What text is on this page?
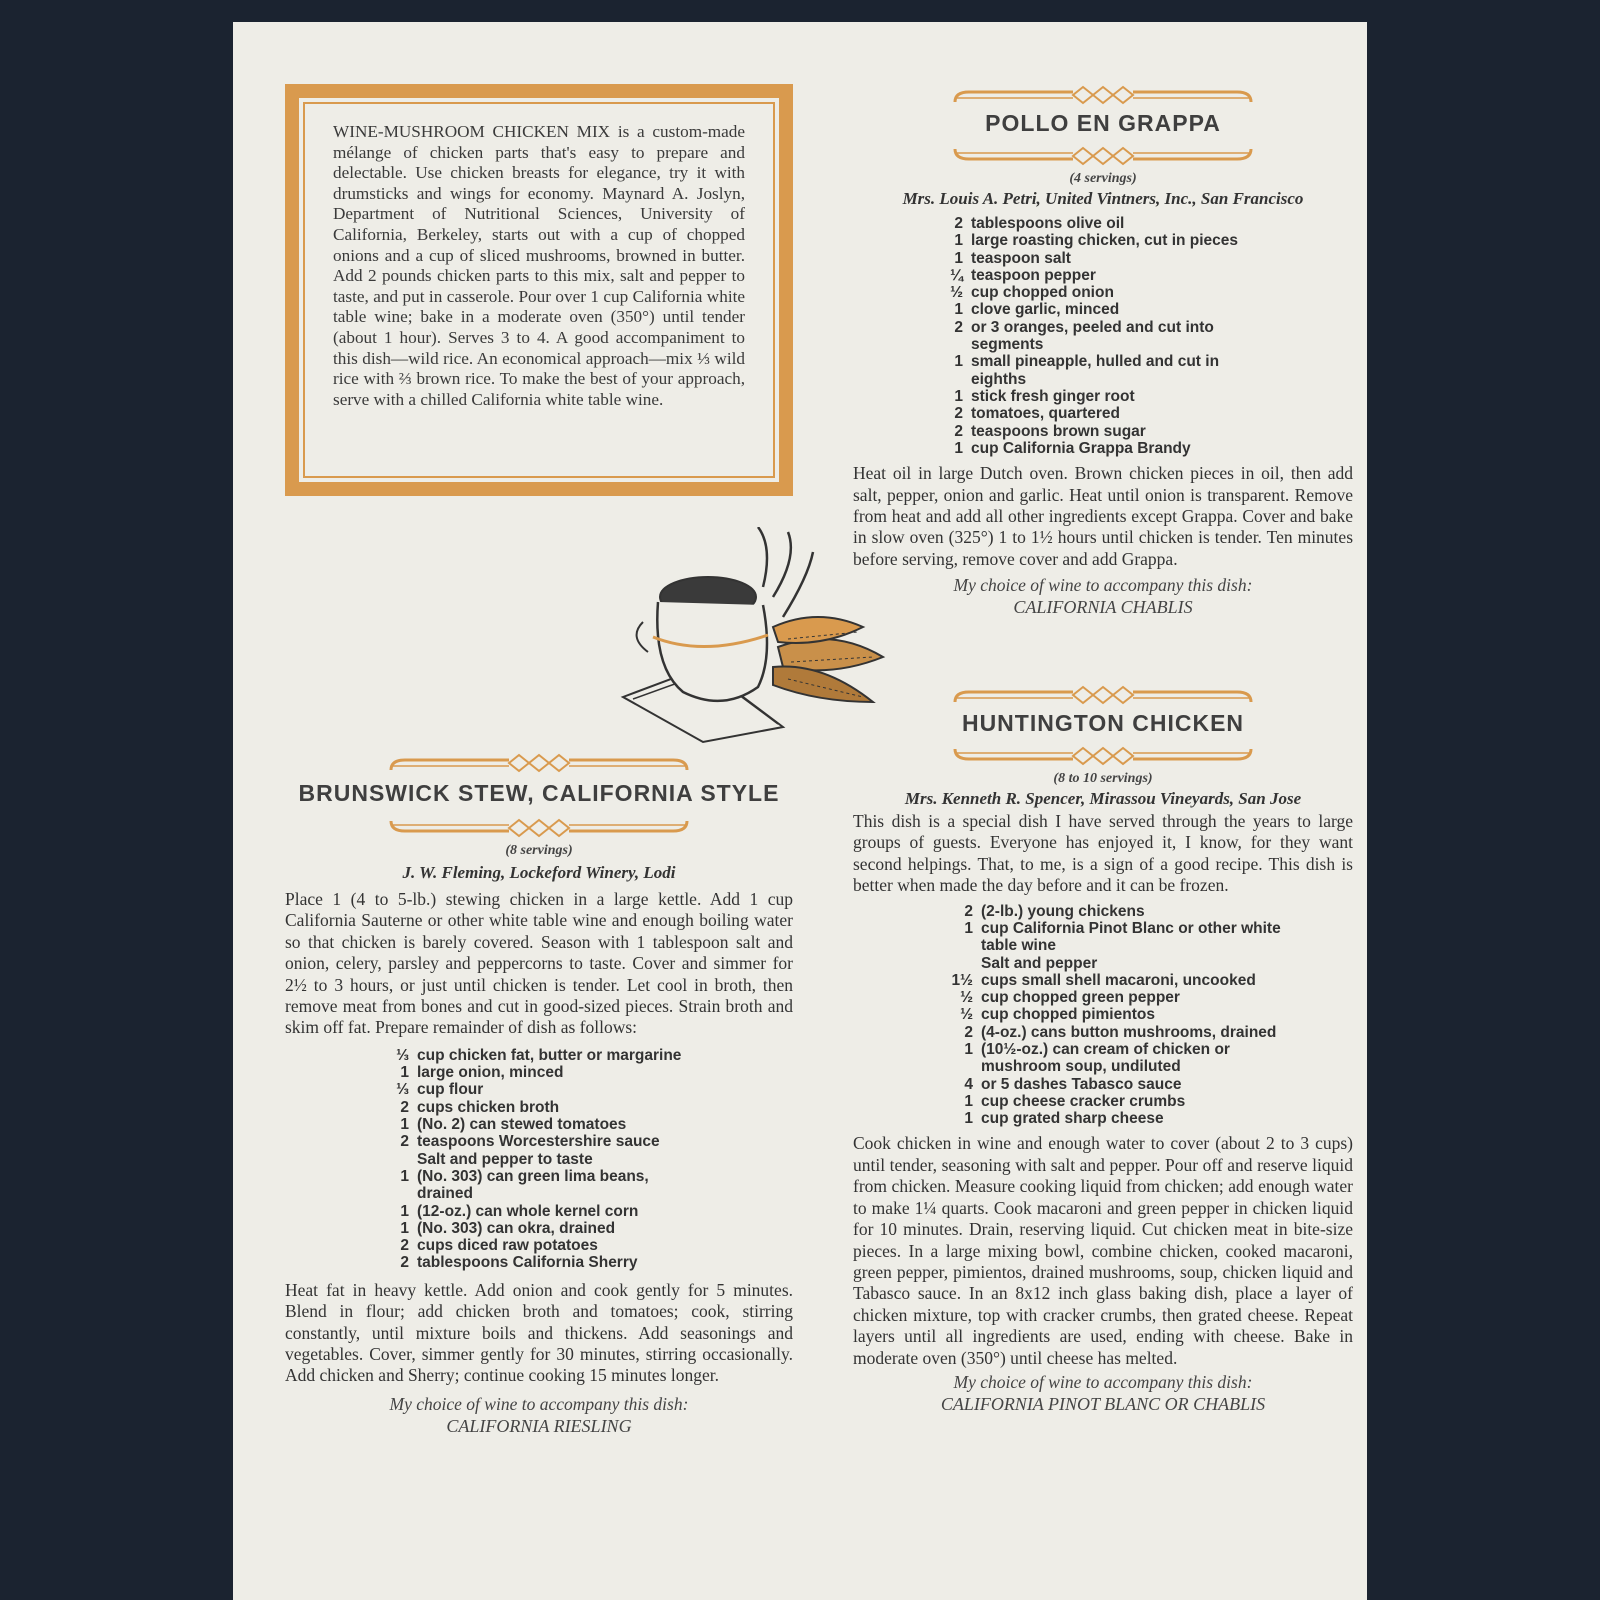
WINE-MUSHROOM CHICKEN MIX is a custom-made mélange of chicken parts that's easy to prepare and delectable. Use chicken breasts for elegance, try it with drumsticks and wings for economy. Maynard A. Joslyn, Department of Nutritional Sciences, University of California, Berkeley, starts out with a cup of chopped onions and a cup of sliced mushrooms, browned in butter. Add 2 pounds chicken parts to this mix, salt and pepper to taste, and put in casserole. Pour over 1 cup California white table wine; bake in a moderate oven (350°) until tender (about 1 hour). Serves 3 to 4. A good accompaniment to this dish—wild rice. An economical approach—mix ⅓ wild rice with ⅔ brown rice. To make the best of your approach, serve with a chilled California white table wine.
BRUNSWICK STEW, CALIFORNIA STYLE
(8 servings)
J. W. Fleming, Lockeford Winery, Lodi

Place 1 (4 to 5-lb.) stewing chicken in a large kettle. Add 1 cup California Sauterne or other white table wine and enough boiling water so that chicken is barely covered. Season with 1 tablespoon salt and onion, celery, parsley and peppercorns to taste. Cover and simmer for 2½ to 3 hours, or just until chicken is tender. Let cool in broth, then remove meat from bones and cut in good-sized pieces. Strain broth and skim off fat. Prepare remainder of dish as follows:

⅓ cup chicken fat, butter or margarine
1 large onion, minced
⅓ cup flour
2 cups chicken broth
1 (No. 2) can stewed tomatoes
2 teaspoons Worcestershire sauce
Salt and pepper to taste
1 (No. 303) can green lima beans, drained
1 (12-oz.) can whole kernel corn
1 (No. 303) can okra, drained
2 cups diced raw potatoes
2 tablespoons California Sherry

Heat fat in heavy kettle. Add onion and cook gently for 5 minutes. Blend in flour; add chicken broth and tomatoes; cook, stirring constantly, until mixture boils and thickens. Add seasonings and vegetables. Cover, simmer gently for 30 minutes, stirring occasionally. Add chicken and Sherry; continue cooking 15 minutes longer.

My choice of wine to accompany this dish:
CALIFORNIA RIESLING
POLLO EN GRAPPA
(4 servings)
Mrs. Louis A. Petri, United Vintners, Inc., San Francisco
2 tablespoons olive oil
1 large roasting chicken, cut in pieces
1 teaspoon salt
¼ teaspoon pepper
½ cup chopped onion
1 clove garlic, minced
2 or 3 oranges, peeled and cut into segments
1 small pineapple, hulled and cut in eighths
1 stick fresh ginger root
2 tomatoes, quartered
2 teaspoons brown sugar
1 cup California Grappa Brandy

Heat oil in large Dutch oven. Brown chicken pieces in oil, then add salt, pepper, onion and garlic. Heat until onion is transparent. Remove from heat and add all other ingredients except Grappa. Cover and bake in slow oven (325°) 1 to 1½ hours until chicken is tender. Ten minutes before serving, remove cover and add Grappa.

My choice of wine to accompany this dish:
CALIFORNIA CHABLIS
HUNTINGTON CHICKEN
(8 to 10 servings)
Mrs. Kenneth R. Spencer, Mirassou Vineyards, San Jose

This dish is a special dish I have served through the years to large groups of guests. Everyone has enjoyed it, I know, for they want second helpings. That, to me, is a sign of a good recipe. This dish is better when made the day before and it can be frozen.

2 (2-lb.) young chickens
1 cup California Pinot Blanc or other white table wine
Salt and pepper
1½ cups small shell macaroni, uncooked
½ cup chopped green pepper
½ cup chopped pimientos
2 (4-oz.) cans button mushrooms, drained
1 (10½-oz.) can cream of chicken or mushroom soup, undiluted
4 or 5 dashes Tabasco sauce
1 cup cheese cracker crumbs
1 cup grated sharp cheese

Cook chicken in wine and enough water to cover (about 2 to 3 cups) until tender, seasoning with salt and pepper. Pour off and reserve liquid from chicken. Measure cooking liquid from chicken; add enough water to make 1¼ quarts. Cook macaroni and green pepper in chicken liquid for 10 minutes. Drain, reserving liquid. Cut chicken meat in bite-size pieces. In a large mixing bowl, combine chicken, cooked macaroni, green pepper, pimientos, drained mushrooms, soup, chicken liquid and Tabasco sauce. In an 8x12 inch glass baking dish, place a layer of chicken mixture, top with cracker crumbs, then grated cheese. Repeat layers until all ingredients are used, ending with cheese. Bake in moderate oven (350°) until cheese has melted.

My choice of wine to accompany this dish:
CALIFORNIA PINOT BLANC OR CHABLIS
